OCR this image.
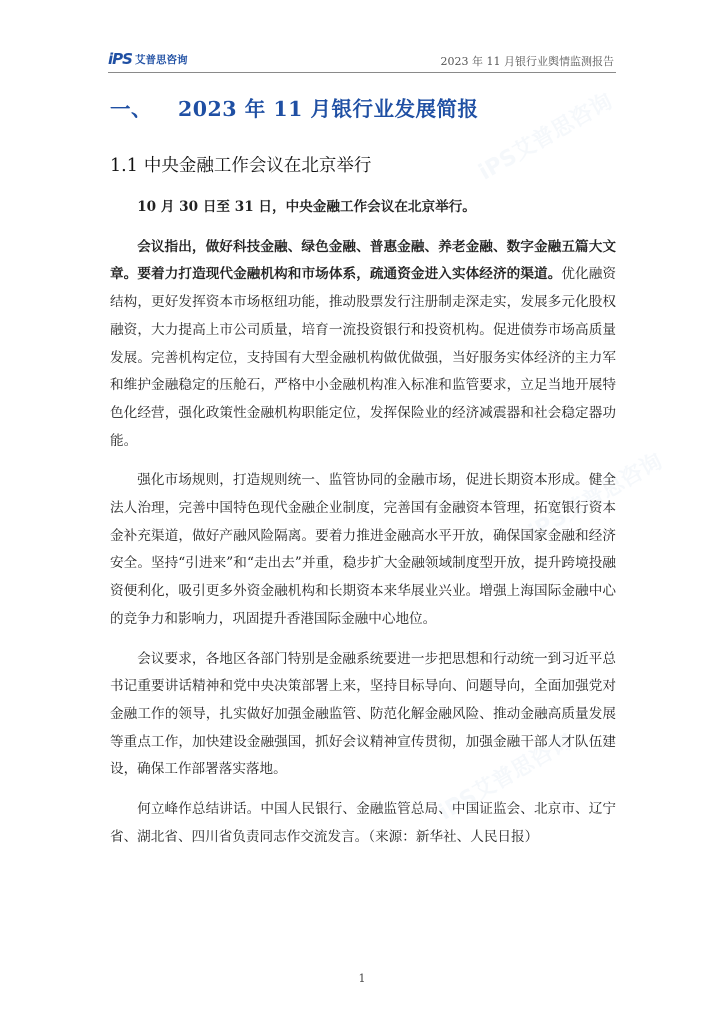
iPS艾普思咨询
iPS艾普思咨询
iPS艾普思咨询
iPS 艾普思咨询	2023 年 11 月银行业舆情监测报告
一、 2023 年 11 月银行业发展简报
1.1 中央金融工作会议在北京举行

10 月 30 日至 31 日，中央金融工作会议在北京举行。

会议指出，做好科技金融、绿色金融、普惠金融、养老金融、数字金融五篇大文章。要着力打造现代金融机构和市场体系，疏通资金进入实体经济的渠道。优化融资结构，更好发挥资本市场枢纽功能，推动股票发行注册制走深走实，发展多元化股权融资，大力提高上市公司质量，培育一流投资银行和投资机构。促进债券市场高质量发展。完善机构定位，支持国有大型金融机构做优做强，当好服务实体经济的主力军和维护金融稳定的压舱石，严格中小金融机构准入标准和监管要求，立足当地开展特色化经营，强化政策性金融机构职能定位，发挥保险业的经济减震器和社会稳定器功能。

强化市场规则，打造规则统一、监管协同的金融市场，促进长期资本形成。健全法人治理，完善中国特色现代金融企业制度，完善国有金融资本管理，拓宽银行资本金补充渠道，做好产融风险隔离。要着力推进金融高水平开放，确保国家金融和经济安全。坚持“引进来”和“走出去”并重，稳步扩大金融领域制度型开放，提升跨境投融资便利化，吸引更多外资金融机构和长期资本来华展业兴业。增强上海国际金融中心的竞争力和影响力，巩固提升香港国际金融中心地位。

会议要求，各地区各部门特别是金融系统要进一步把思想和行动统一到习近平总书记重要讲话精神和党中央决策部署上来，坚持目标导向、问题导向，全面加强党对金融工作的领导，扎实做好加强金融监管、防范化解金融风险、推动金融高质量发展等重点工作，加快建设金融强国，抓好会议精神宣传贯彻，加强金融干部人才队伍建设，确保工作部署落实落地。

何立峰作总结讲话。中国人民银行、金融监管总局、中国证监会、北京市、辽宁省、湖北省、四川省负责同志作交流发言。（来源：新华社、人民日报）

1
